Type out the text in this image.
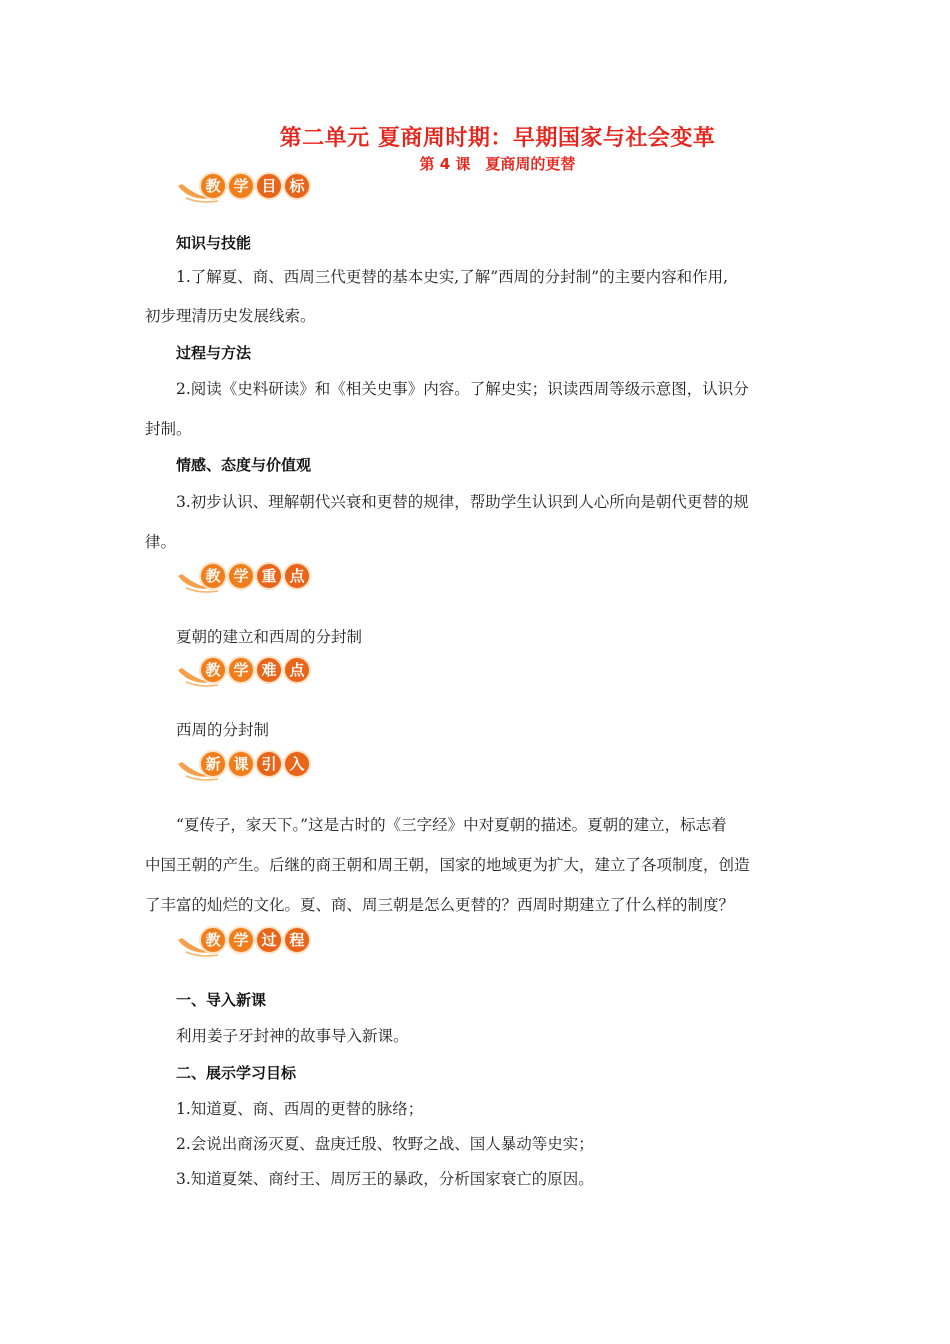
第二单元 夏商周时期：早期国家与社会变革
第 4 课　夏商周的更替
教 学 目 标
知识与技能
1.了解夏、商、西周三代更替的基本史实,了解”西周的分封制”的主要内容和作用,
初步理清历史发展线索。
过程与方法
2.阅读《史料研读》和《相关史事》内容。了解史实；识读西周等级示意图，认识分
封制。
情感、态度与价值观
3.初步认识、理解朝代兴衰和更替的规律，帮助学生认识到人心所向是朝代更替的规
律。
教 学 重 点
夏朝的建立和西周的分封制
教 学 难 点
西周的分封制
新 课 引 入
“夏传子，家天下。”这是古时的《三字经》中对夏朝的描述。夏朝的建立，标志着
中国王朝的产生。后继的商王朝和周王朝，国家的地域更为扩大，建立了各项制度，创造
了丰富的灿烂的文化。夏、商、周三朝是怎么更替的？西周时期建立了什么样的制度？
教 学 过 程
一、导入新课
利用姜子牙封神的故事导入新课。
二、展示学习目标
1.知道夏、商、西周的更替的脉络；
2.会说出商汤灭夏、盘庚迁殷、牧野之战、国人暴动等史实；
3.知道夏桀、商纣王、周厉王的暴政，分析国家衰亡的原因。
